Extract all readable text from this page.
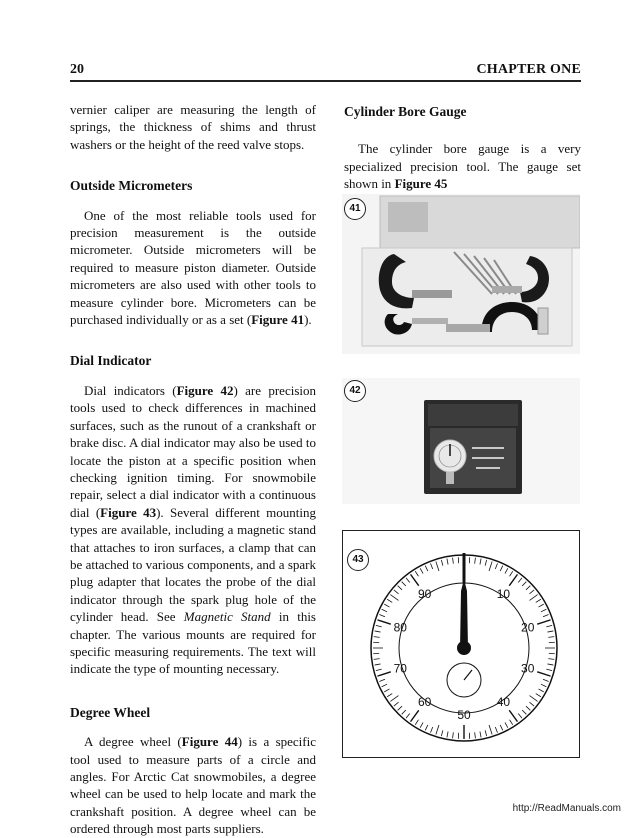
20	CHAPTER ONE

vernier caliper are measuring the length of springs, the thickness of shims and thrust washers or the height of the reed valve stops.

Outside Micrometers

One of the most reliable tools used for precision measurement is the outside micrometer. Outside micrometers will be required to measure piston diameter. Outside micrometers are also used with other tools to measure cylinder bore. Micrometers can be purchased individually or as a set (Figure 41).

Dial Indicator

Dial indicators (Figure 42) are precision tools used to check differences in machined surfaces, such as the runout of a crankshaft or brake disc. A dial indicator may also be used to locate the piston at a specific position when checking ignition timing. For snowmobile repair, select a dial indicator with a continuous dial (Figure 43). Several different mounting types are available, including a magnetic stand that attaches to iron surfaces, a clamp that can be attached to various components, and a spark plug adapter that locates the probe of the dial indicator through the spark plug hole of the cylinder head. See Magnetic Stand in this chapter. The various mounts are required for specific measuring requirements. The text will indicate the type of mounting necessary.

Degree Wheel

A degree wheel (Figure 44) is a specific tool used to measure parts of a circle and angles. For Arctic Cat snowmobiles, a degree wheel can be used to help locate and mark the crankshaft position. A degree wheel can be ordered through most parts suppliers.

Cylinder Bore Gauge

The cylinder bore gauge is a very specialized precision tool. The gauge set shown in Figure 45

41
42
43
90	10
80	20
70	30
60	40
50
http://ReadManuals.com
